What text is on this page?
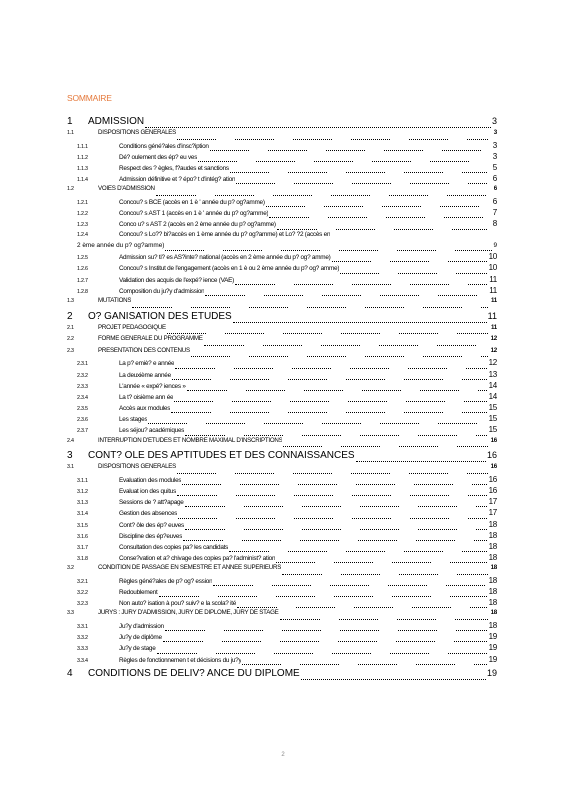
SOMMAIRE
1	ADMISSION	3
1.1	DISPOSITIONS GENERALES	3
1.1.1	Conditions géné?ales d'insc?iption	3
1.1.2	Dé? oulement des ép? eu ves	3
1.1.3	Respect des ? ègles, f?audes et sanctions	5
1.1.4	Admission définitive et ? épo? t d'intég? ation	6
1.2	VOIES D'ADMISSION	6
1.2.1	Concou? s BCE (accès en 1 è ' année du p? og?amme)	6
1.2.2	Concou? s AST 1 (accès en 1 è ' année du p? og?amme)	7
1.2.3	Conco u? s AST 2 (accès en 2 ème année du p? og?amme)	8
1.2.4	Concou? s Lo?? bi?accès en 1 ème année du p? og?amme) et Lo? ?2 (accès en
2 ème année du p? og?amme)	9
1.2.5	Admission su? ti? es AS?inte? national (accès en 2 ème année du p? og? amme)	10
1.2.6	Concou? s Institut de l'engagement (accès en 1 è ou 2 ème année du p? og? amme)	10
1.2.7	Validation des acquis de l'expé? ience (VAE)	11
1.2.8	Composition du ju?y d'admission	11
1.3	MUTATIONS	11
2	O? GANISATION DES ETUDES	11
2.1	PROJET PEDAGOGIQUE	11
2.2	FORME GENERALE DU PROGRAMME	12
2.3	PRESENTATION DES CONTENUS	12
2.3.1	La p? emiè? e année	12
2.3.2	La deuxième année	13
2.3.3	L'année « expé? iences »	14
2.3.4	La t? oisième ann ée	14
2.3.5	Accès aux modules	15
2.3.6	Les stages	15
2.3.7	Les séjou? académiques	15
2.4	INTERRUPTION D'ETUDES ET NOMBRE MAXIMAL D'INSCRIPTIONS	16
3	CONT? OLE DES APTITUDES ET DES CONNAISSANCES	16
3.1	DISPOSITIONS GENERALES	16
3.1.1	Evaluation des modules	16
3.1.2	Evaluat ion des quitus	16
3.1.3	Sessions de ? att?apage	17
3.1.4	Gestion des absences	17
3.1.5	Cont? ôle des ép? euves	18
3.1.6	Discipline des ép?euves	18
3.1.7	Consultation des copies pa? les candidats	18
3.1.8	Conse?vation et a? chivage des copies pa? l'administ? ation	18
3.2	CONDITION DE PASSAGE EN SEMESTRE ET ANNEE SUPERIEURS	18
3.2.1	Règles géné?ales de p? og? ession	18
3.2.2	Redoublement	18
3.2.3	Non auto? isation à pou? suiv? e la scola? ité	18
3.3	JURYS : JURY D'ADMISSION, JURY DE DIPLÔME, JURY DE STAGE	18
3.3.1	Ju?y d'admission	18
3.3.2	Ju?y de diplôme	19
3.3.3	Ju?y de stage	19
3.3.4	Règles de fonctionnemen t et décisions du ju?y	19
4	CONDITIONS DE DELIV? ANCE DU DIPLOME	19
2
